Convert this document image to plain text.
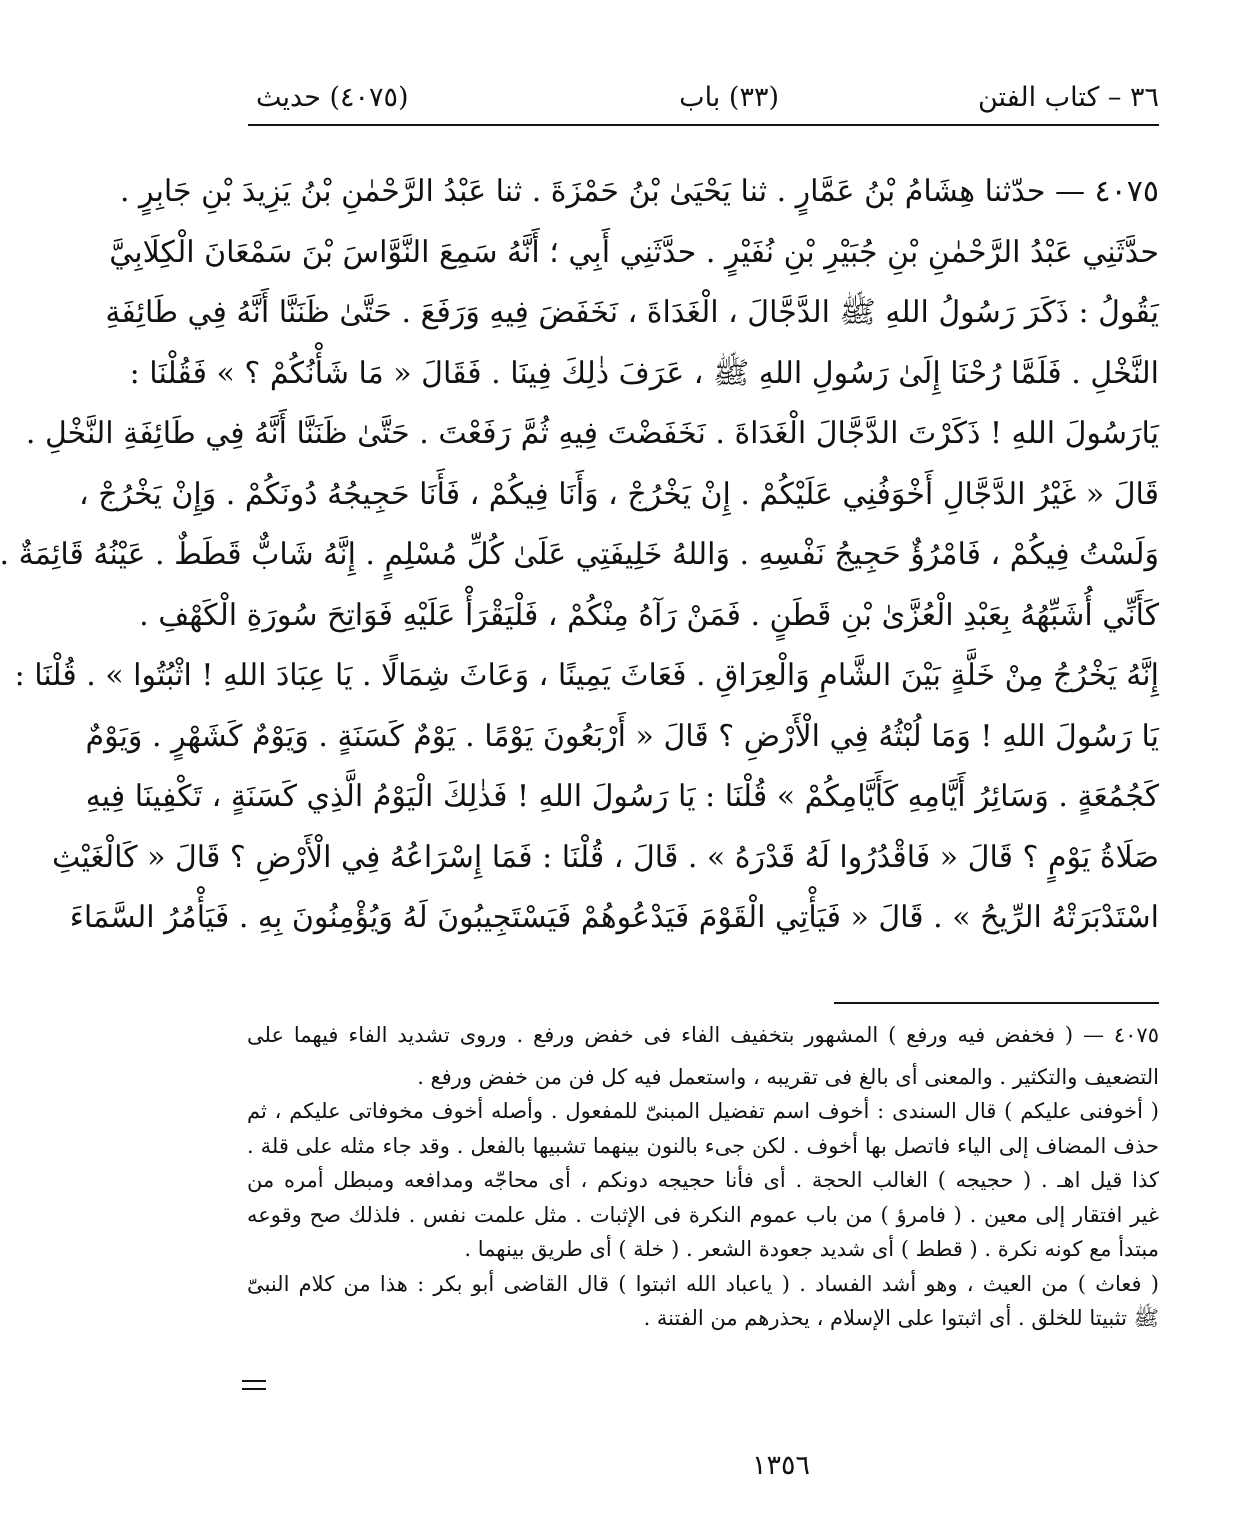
٣٦ – كتاب الفتن
(٣٣) باب
(٤٠٧٥) حديث
٤٠٧٥ — حدّثنا هِشَامُ بْنُ عَمَّارٍ . ثنا يَحْيَىٰ بْنُ حَمْزَةَ . ثنا عَبْدُ الرَّحْمٰنِ بْنُ يَزِيدَ بْنِ جَابِرٍ .
حدَّثَنِي عَبْدُ الرَّحْمٰنِ بْنِ جُبَيْرِ بْنِ نُفَيْرٍ . حدَّثَنِي أَبِي ؛ أَنَّهُ سَمِعَ النَّوَّاسَ بْنَ سَمْعَانَ الْكِلَابِيَّ
يَقُولُ : ذَكَرَ رَسُولُ اللهِ ﷺ الدَّجَّالَ ، الْغَدَاةَ ، نَخَفَضَ فِيهِ وَرَفَعَ . حَتَّىٰ ظَنَنَّا أَنَّهُ فِي طَائِفَةِ
النَّخْلِ . فَلَمَّا رُحْنَا إِلَىٰ رَسُولِ اللهِ ﷺ ، عَرَفَ ذٰلِكَ فِينَا . فَقَالَ « مَا شَأْنُكُمْ ؟ » فَقُلْنَا :
يَارَسُولَ اللهِ ! ذَكَرْتَ الدَّجَّالَ الْغَدَاةَ . نَخَفَضْتَ فِيهِ ثُمَّ رَفَعْتَ . حَتَّىٰ ظَنَنَّا أَنَّهُ فِي طَائِفَةِ النَّخْلِ .
قَالَ « غَيْرُ الدَّجَّالِ أَخْوَفُنِي عَلَيْكُمْ . إِنْ يَخْرُجْ ، وَأَنَا فِيكُمْ ، فَأَنَا حَجِيجُهُ دُونَكُمْ . وَإِنْ يَخْرُجْ ،
وَلَسْتُ فِيكُمْ ، فَامْرُؤٌ حَجِيجُ نَفْسِهِ . وَاللهُ خَلِيفَتِي عَلَىٰ كُلِّ مُسْلِمٍ . إِنَّهُ شَابٌّ قَطَطٌ . عَيْنُهُ قَائِمَةٌ .
كَأَنِّي أُشَبِّهُهُ بِعَبْدِ الْعُزَّىٰ بْنِ قَطَنٍ . فَمَنْ رَآهُ مِنْكُمْ ، فَلْيَقْرَأْ عَلَيْهِ فَوَاتِحَ سُورَةِ الْكَهْفِ .
إِنَّهُ يَخْرُجُ مِنْ خَلَّةٍ بَيْنَ الشَّامِ وَالْعِرَاقِ . فَعَاثَ يَمِينًا ، وَعَاثَ شِمَالًا . يَا عِبَادَ اللهِ ! اثْبُتُوا » . قُلْنَا :
يَا رَسُولَ اللهِ ! وَمَا لُبْثُهُ فِي الْأَرْضِ ؟ قَالَ « أَرْبَعُونَ يَوْمًا . يَوْمٌ كَسَنَةٍ . وَيَوْمٌ كَشَهْرٍ . وَيَوْمٌ
كَجُمُعَةٍ . وَسَائِرُ أَيَّامِهِ كَأَيَّامِكُمْ » قُلْنَا : يَا رَسُولَ اللهِ ! فَذٰلِكَ الْيَوْمُ الَّذِي كَسَنَةٍ ، تَكْفِينَا فِيهِ
صَلَاةُ يَوْمٍ ؟ قَالَ « فَاقْدُرُوا لَهُ قَدْرَهُ » . قَالَ ، قُلْنَا : فَمَا إِسْرَاعُهُ فِي الْأَرْضِ ؟ قَالَ « كَالْغَيْثِ
اسْتَدْبَرَتْهُ الرِّيحُ » . قَالَ « فَيَأْتِي الْقَوْمَ فَيَدْعُوهُمْ فَيَسْتَجِيبُونَ لَهُ وَيُؤْمِنُونَ بِهِ . فَيَأْمُرُ السَّمَاءَ
٤٠٧٥ — ( فخفض فيه ورفع ) المشهور بتخفيف الفاء فى خفض ورفع . وروى تشديد الفاء فيهما على
التضعيف والتكثير . والمعنى أى بالغ فى تقريبه ، واستعمل فيه كل فن من خفض ورفع .
( أخوفنى عليكم ) قال السندى : أخوف اسم تفضيل المبنىّ للمفعول . وأصله أخوف مخوفاتى عليكم ، ثم
حذف المضاف إلى الياء فاتصل بها أخوف . لكن جىء بالنون بينهما تشبيها بالفعل . وقد جاء مثله على قلة .
كذا قيل اهـ . ( حجيجه ) الغالب الحجة . أى فأنا حجيجه دونكم ، أى محاجّه ومدافعه ومبطل أمره من
غير افتقار إلى معين . ( فامرؤ ) من باب عموم النكرة فى الإثبات . مثل علمت نفس . فلذلك صح وقوعه
مبتدأ مع كونه نكرة . ( قطط ) أى شديد جعودة الشعر . ( خلة ) أى طريق بينهما .
( فعاث ) من العيث ، وهو أشد الفساد . ( ياعباد الله اثبتوا ) قال القاضى أبو بكر : هذا من كلام النبىّ
ﷺ تثبيتا للخلق . أى اثبتوا على الإسلام ، يحذرهم من الفتنة .
١٣٥٦
